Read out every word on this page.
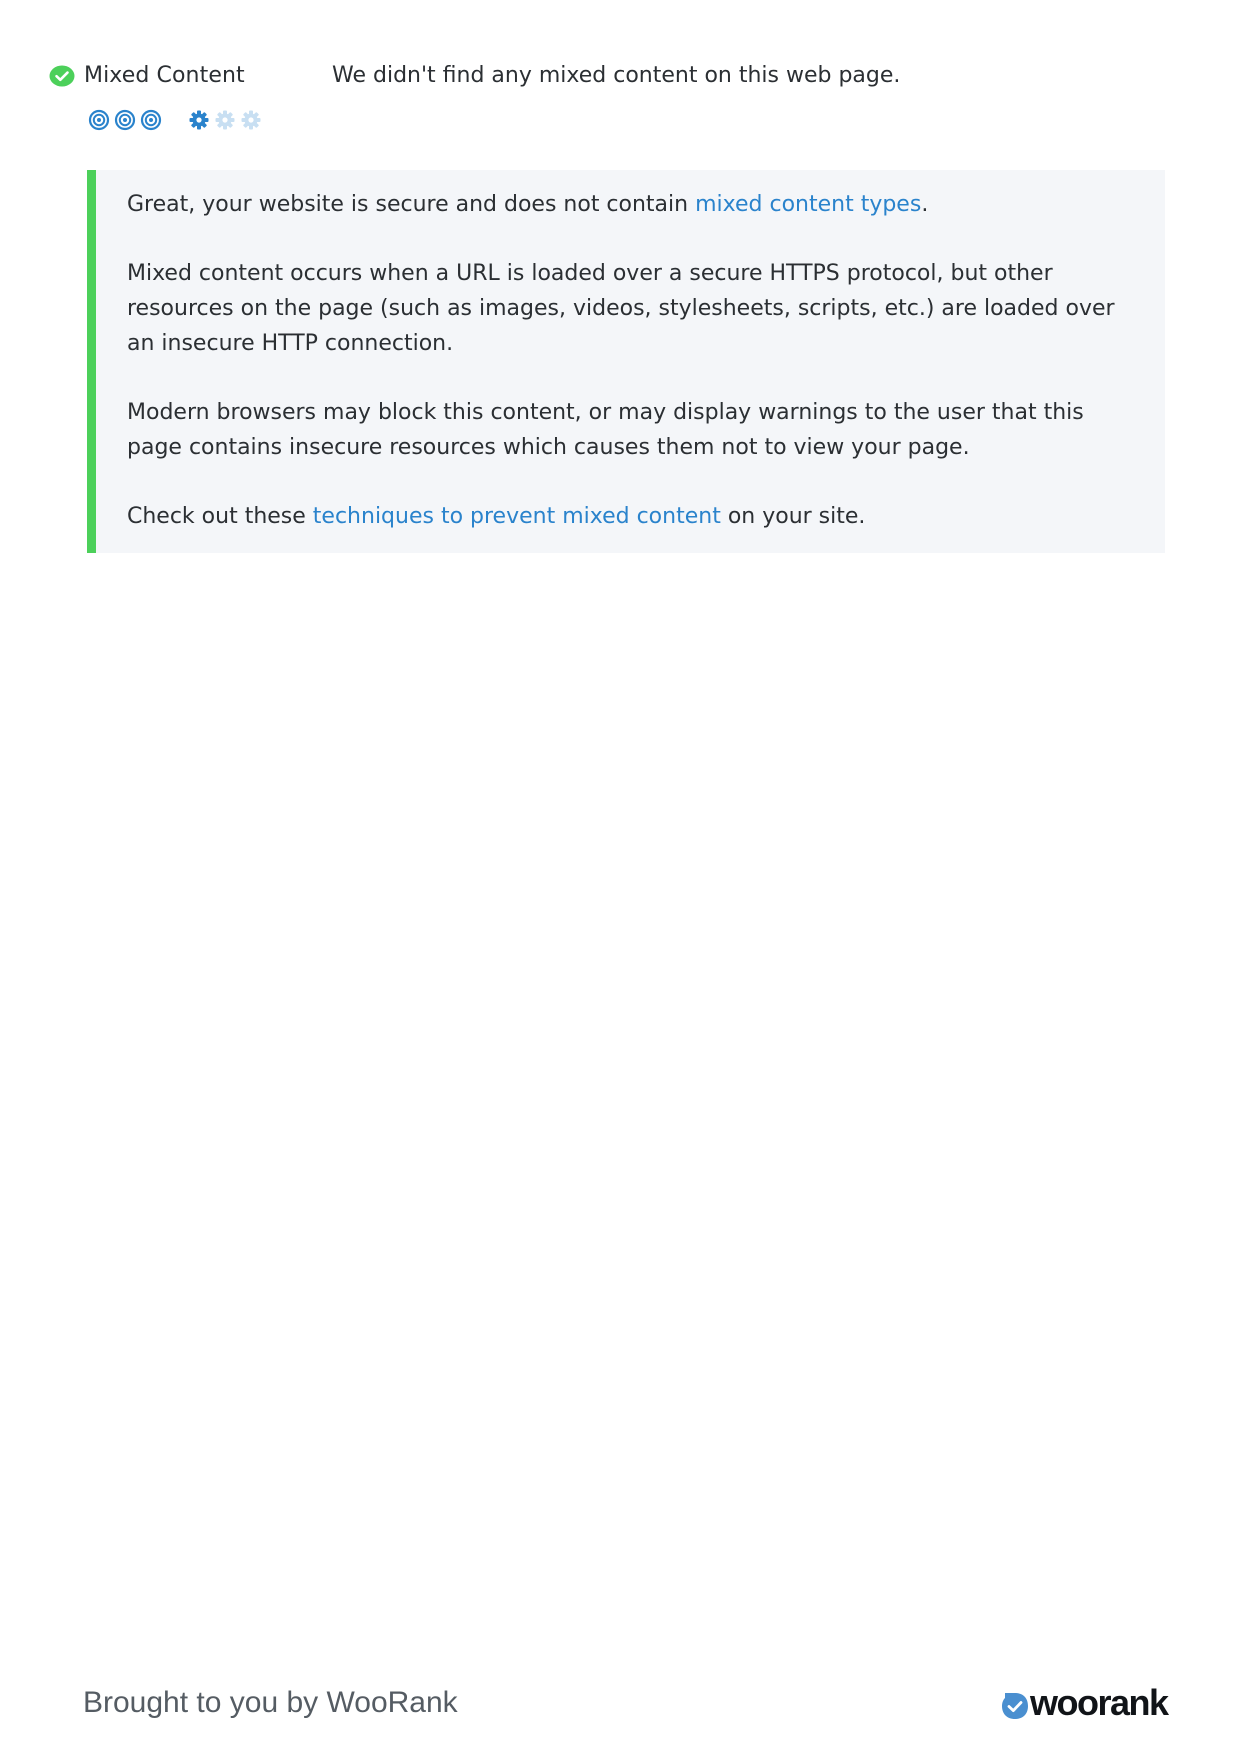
Mixed Content	We didn't find any mixed content on this web page.

Great, your website is secure and does not contain mixed content types.

Mixed content occurs when a URL is loaded over a secure HTTPS protocol, but other resources on the page (such as images, videos, stylesheets, scripts, etc.) are loaded over an insecure HTTP connection.

Modern browsers may block this content, or may display warnings to the user that this page contains insecure resources which causes them not to view your page.

Check out these techniques to prevent mixed content on your site.

Brought to you by WooRank	woorank
